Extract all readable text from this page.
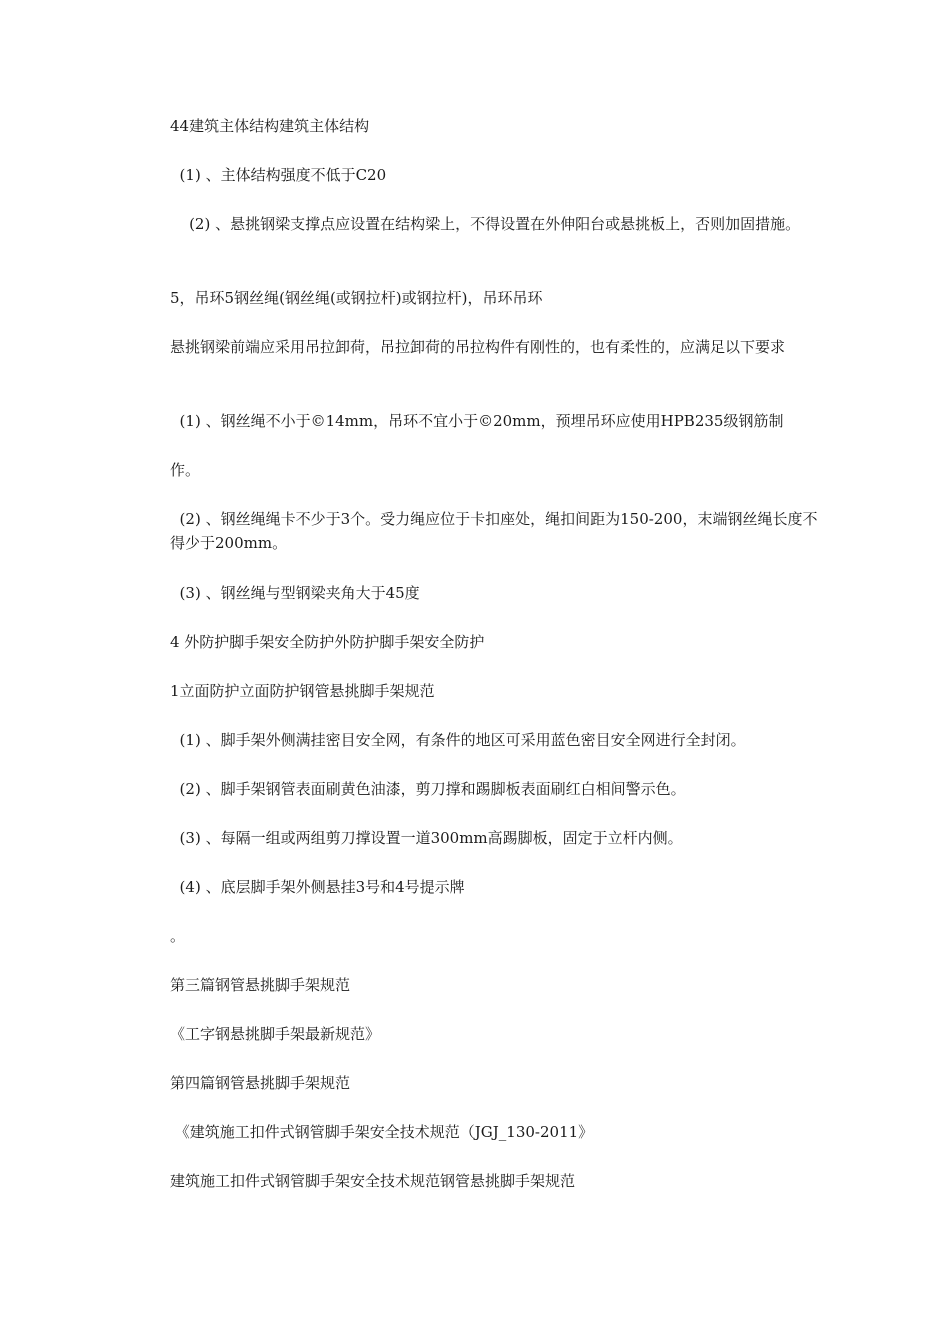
44建筑主体结构建筑主体结构

(1) 、主体结构强度不低于C20

(2) 、悬挑钢梁支撑点应设置在结构梁上，不得设置在外伸阳台或悬挑板上，否则加固措施。

5，吊环5钢丝绳(钢丝绳(或钢拉杆)或钢拉杆)，吊环吊环

悬挑钢梁前端应采用吊拉卸荷，吊拉卸荷的吊拉构件有刚性的，也有柔性的，应满足以下要求

(1) 、钢丝绳不小于©14mm，吊环不宜小于©20mm，预埋吊环应使用HPB235级钢筋制

作。

(2) 、钢丝绳绳卡不少于3个。受力绳应位于卡扣座处，绳扣间距为150-200，末端钢丝绳长度不得少于200mm。

(3) 、钢丝绳与型钢梁夹角大于45度

4 外防护脚手架安全防护外防护脚手架安全防护

1立面防护立面防护钢管悬挑脚手架规范

(1) 、脚手架外侧满挂密目安全网，有条件的地区可采用蓝色密目安全网进行全封闭。

(2) 、脚手架钢管表面刷黄色油漆，剪刀撑和踢脚板表面刷红白相间警示色。

(3) 、每隔一组或两组剪刀撑设置一道300mm高踢脚板，固定于立杆内侧。

(4) 、底层脚手架外侧悬挂3号和4号提示牌

。

第三篇钢管悬挑脚手架规范

《工字钢悬挑脚手架最新规范》

第四篇钢管悬挑脚手架规范

《建筑施工扣件式钢管脚手架安全技术规范（JGJ_130-2011》

建筑施工扣件式钢管脚手架安全技术规范钢管悬挑脚手架规范
